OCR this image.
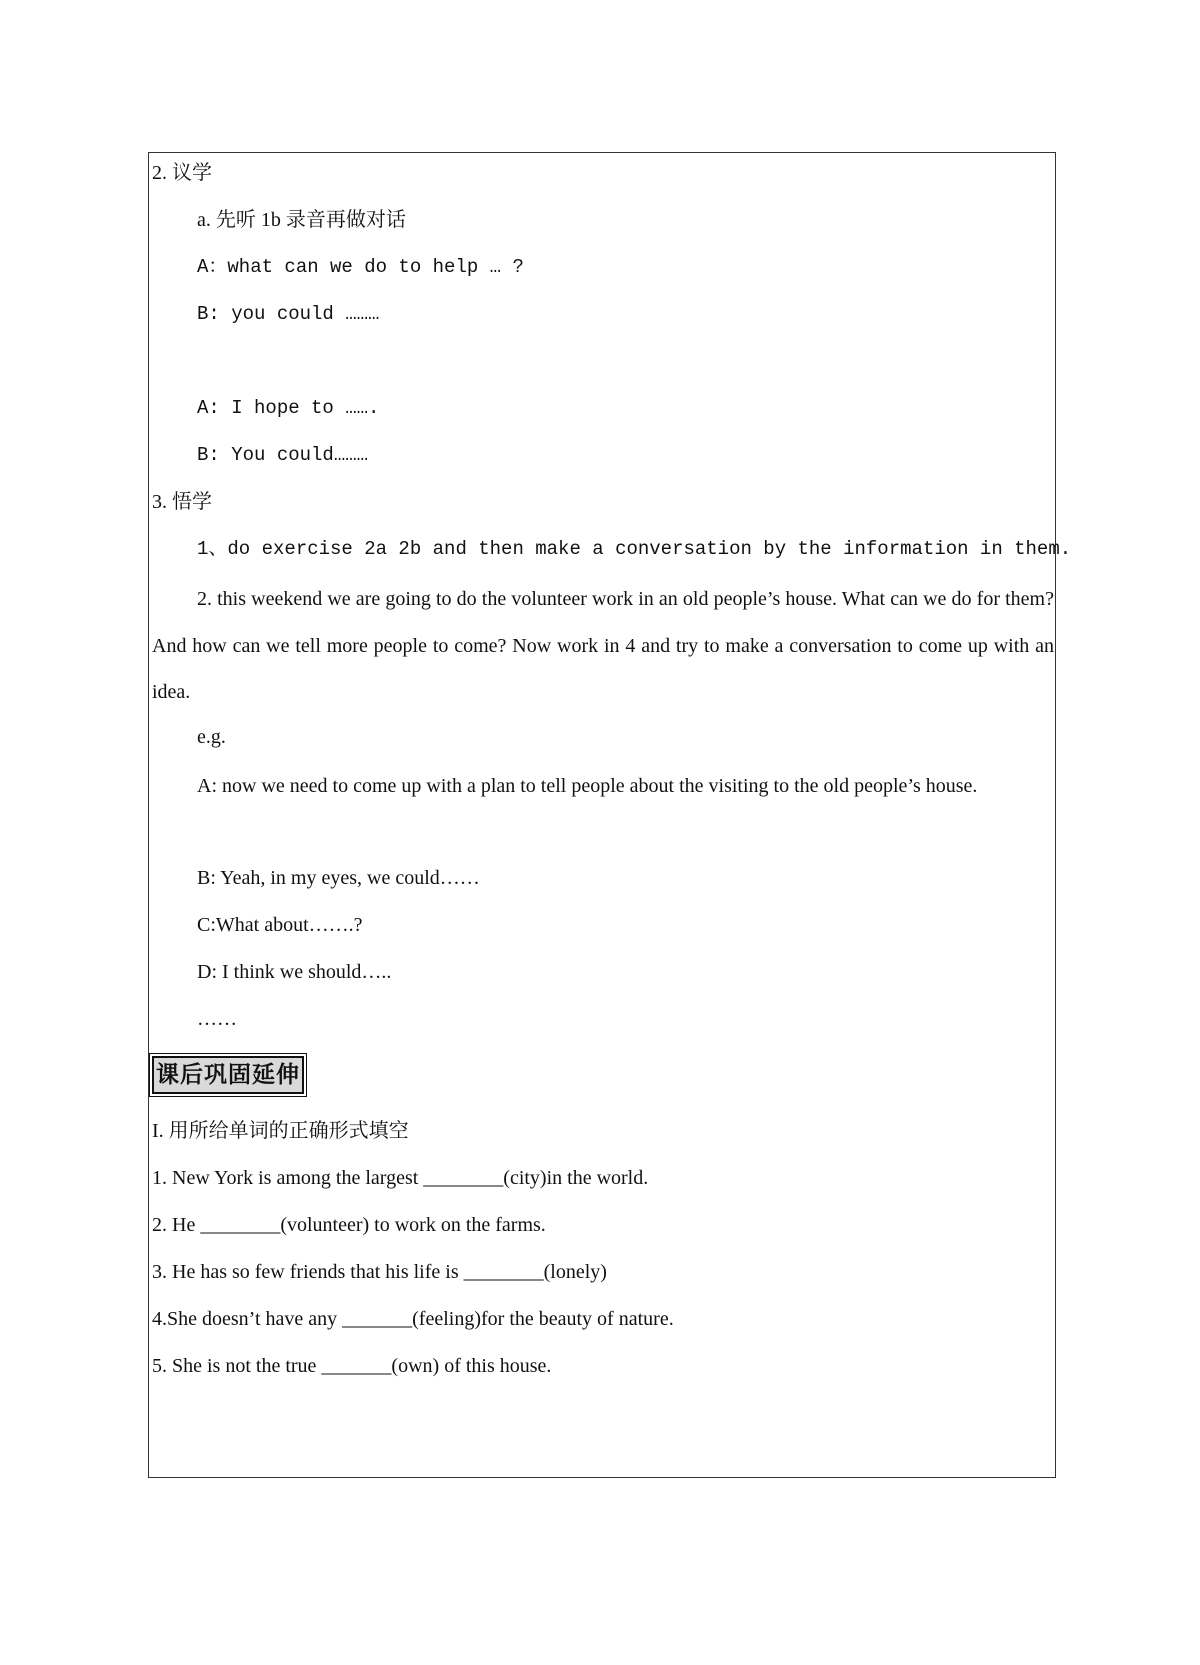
2. 议学
a. 先听 1b 录音再做对话
A：what can we do to help … ?
B: you could ………
A: I hope to …….
B: You could………
3. 悟学
1、do exercise 2a 2b and then make a conversation by the information in them.
2. this weekend we are going to do the volunteer work in an old people’s house. What can we do for them? And how can we tell more people to come? Now work in 4 and try to make a conversation to come up with an idea.
e.g.
A: now we need to come up with a plan to tell people about the visiting to the old people’s house.
B: Yeah, in my eyes, we could……
C:What about…….?
D: I think we should…..
……
课后巩固延伸
I. 用所给单词的正确形式填空
1. New York is among the largest ________(city)in the world.
2. He ________(volunteer) to work on the farms.
3. He has so few friends that his life is ________(lonely)
4.She doesn’t have any _______(feeling)for the beauty of nature.
5. She is not the true _______(own) of this house.
